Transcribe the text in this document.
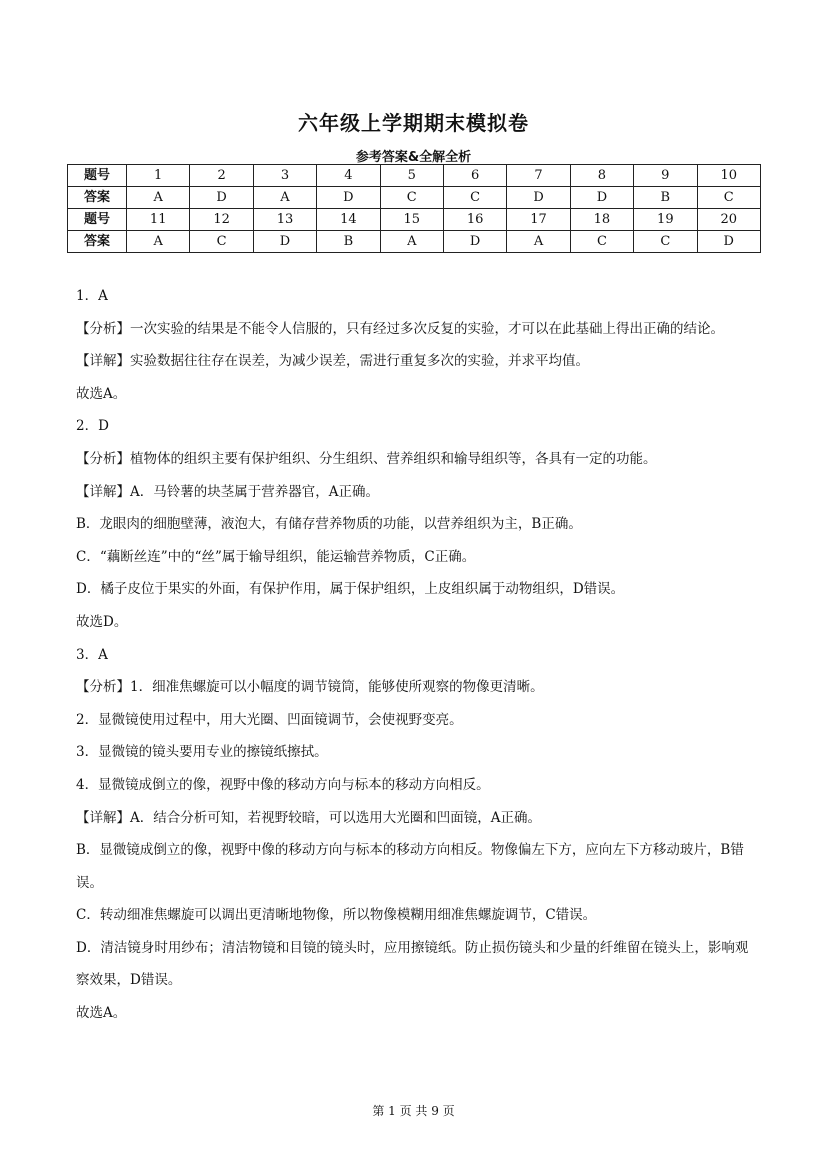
六年级上学期期末模拟卷
参考答案&全解全析
题号	1	2	3	4	5	6	7	8	9	10
答案	A	D	A	D	C	C	D	D	B	C
题号	11	12	13	14	15	16	17	18	19	20
答案	A	C	D	B	A	D	A	C	C	D

1．A

【分析】一次实验的结果是不能令人信服的，只有经过多次反复的实验，才可以在此基础上得出正确的结论。

【详解】实验数据往往存在误差，为减少误差，需进行重复多次的实验，并求平均值。

故选A。

2．D

【分析】植物体的组织主要有保护组织、分生组织、营养组织和输导组织等，各具有一定的功能。

【详解】A．马铃薯的块茎属于营养器官，A正确。

B．龙眼肉的细胞壁薄，液泡大，有储存营养物质的功能，以营养组织为主，B正确。

C．“藕断丝连”中的“丝”属于输导组织，能运输营养物质，C正确。

D．橘子皮位于果实的外面，有保护作用，属于保护组织，上皮组织属于动物组织，D错误。

故选D。

3．A

【分析】1．细准焦螺旋可以小幅度的调节镜筒，能够使所观察的物像更清晰。

2．显微镜使用过程中，用大光圈、凹面镜调节，会使视野变亮。

3．显微镜的镜头要用专业的擦镜纸擦拭。

4．显微镜成倒立的像，视野中像的移动方向与标本的移动方向相反。

【详解】A．结合分析可知，若视野较暗，可以选用大光圈和凹面镜，A正确。

B．显微镜成倒立的像，视野中像的移动方向与标本的移动方向相反。物像偏左下方，应向左下方移动玻片，B错误。

C．转动细准焦螺旋可以调出更清晰地物像，所以物像模糊用细准焦螺旋调节，C错误。

D．清洁镜身时用纱布；清洁物镜和目镜的镜头时，应用擦镜纸。防止损伤镜头和少量的纤维留在镜头上，影响观察效果，D错误。

故选A。

第 1 页 共 9 页
